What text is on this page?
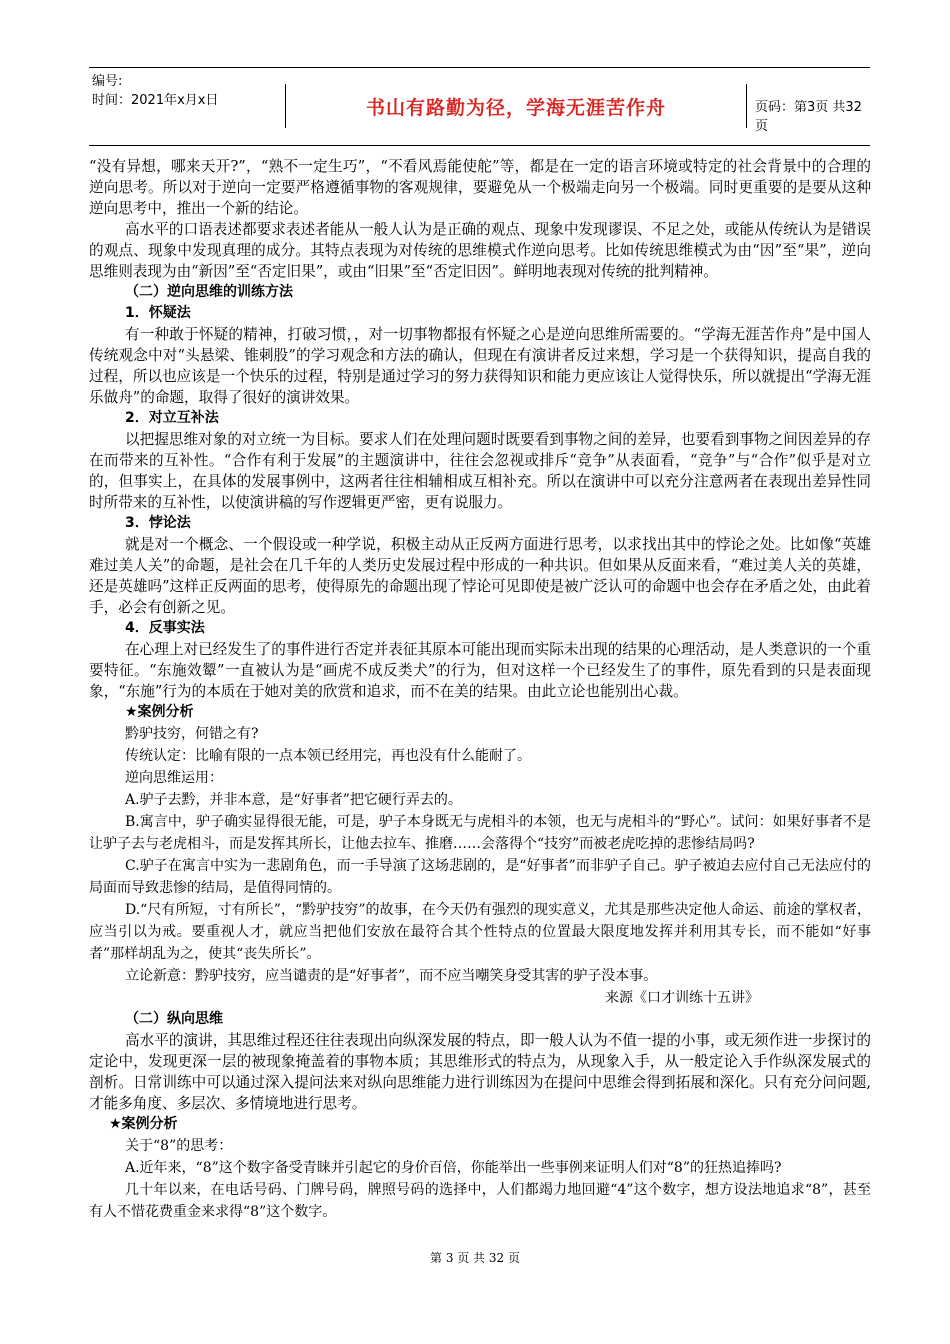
编号:
时间：2021年x月x日	书山有路勤为径，学海无涯苦作舟	页码：第3页 共32页

“没有异想，哪来天开?”，“熟不一定生巧”，“不看风焉能使舵”等，都是在一定的语言环境或特定的社会背景中的合理的逆向思考。所以对于逆向一定要严格遵循事物的客观规律，要避免从一个极端走向另一个极端。同时更重要的是要从这种逆向思考中，推出一个新的结论。

高水平的口语表述都要求表述者能从一般人认为是正确的观点、现象中发现谬误、不足之处，或能从传统认为是错误的观点、现象中发现真理的成分。其特点表现为对传统的思维模式作逆向思考。比如传统思维模式为由“因”至“果”，逆向思维则表现为由“新因”至“否定旧果”，或由“旧果”至“否定旧因”。鲜明地表现对传统的批判精神。

（二）逆向思维的训练方法

1．怀疑法

有一种敢于怀疑的精神，打破习惯，，对一切事物都报有怀疑之心是逆向思维所需要的。“学海无涯苦作舟”是中国人传统观念中对“头悬梁、锥刺股”的学习观念和方法的确认，但现在有演讲者反过来想，学习是一个获得知识，提高自我的过程，所以也应该是一个快乐的过程，特别是通过学习的努力获得知识和能力更应该让人觉得快乐，所以就提出“学海无涯乐做舟”的命题，取得了很好的演讲效果。

2．对立互补法

以把握思维对象的对立统一为目标。要求人们在处理问题时既要看到事物之间的差异，也要看到事物之间因差异的存在而带来的互补性。“合作有利于发展”的主题演讲中，往往会忽视或排斥“竞争”从表面看，“竞争”与“合作”似乎是对立的，但事实上，在具体的发展事例中，这两者往往相辅相成互相补充。所以在演讲中可以充分注意两者在表现出差异性同时所带来的互补性，以使演讲稿的写作逻辑更严密，更有说服力。

3．悖论法

就是对一个概念、一个假设或一种学说，积极主动从正反两方面进行思考，以求找出其中的悖论之处。比如像“英雄难过美人关”的命题，是社会在几千年的人类历史发展过程中形成的一种共识。但如果从反面来看，“难过美人关的英雄，还是英雄吗”这样正反两面的思考，使得原先的命题出现了悖论可见即使是被广泛认可的命题中也会存在矛盾之处，由此着手，必会有创新之见。

4．反事实法

在心理上对已经发生了的事件进行否定并表征其原本可能出现而实际未出现的结果的心理活动，是人类意识的一个重要特征。“东施效颦”一直被认为是“画虎不成反类犬”的行为，但对这样一个已经发生了的事件，原先看到的只是表面现象，“东施”行为的本质在于她对美的欣赏和追求，而不在美的结果。由此立论也能别出心裁。

★案例分析

黔驴技穷，何错之有?

传统认定：比喻有限的一点本领已经用完，再也没有什么能耐了。

逆向思维运用：

A.驴子去黔，并非本意，是“好事者”把它硬行弄去的。

B.寓言中，驴子确实显得很无能，可是，驴子本身既无与虎相斗的本领，也无与虎相斗的“野心”。试问：如果好事者不是让驴子去与老虎相斗，而是发挥其所长，让他去拉车、推磨……会落得个“技穷”而被老虎吃掉的悲惨结局吗?

C.驴子在寓言中实为一悲剧角色，而一手导演了这场悲剧的，是“好事者”而非驴子自己。驴子被迫去应付自己无法应付的局面而导致悲惨的结局，是值得同情的。

D.“尺有所短，寸有所长”，“黔驴技穷”的故事，在今天仍有强烈的现实意义，尤其是那些决定他人命运、前途的掌权者，应当引以为戒。要重视人才，就应当把他们安放在最符合其个性特点的位置最大限度地发挥并利用其专长，而不能如“好事者”那样胡乱为之，使其“丧失所长”。

立论新意：黔驴技穷，应当谴责的是“好事者”，而不应当嘲笑身受其害的驴子没本事。

来源《口才训练十五讲》

（二）纵向思维

高水平的演讲，其思维过程还往往表现出向纵深发展的特点，即一般人认为不值一提的小事，或无须作进一步探讨的定论中，发现更深一层的被现象掩盖着的事物本质；其思维形式的特点为，从现象入手，从一般定论入手作纵深发展式的剖析。日常训练中可以通过深入提问法来对纵向思维能力进行训练因为在提问中思维会得到拓展和深化。只有充分问问题,才能多角度、多层次、多情境地进行思考。

★案例分析

关于“8”的思考：

A.近年来，“8”这个数字备受青睐并引起它的身价百倍，你能举出一些事例来证明人们对“8”的狂热追捧吗?

几十年以来，在电话号码、门牌号码，牌照号码的选择中，人们都竭力地回避“4”这个数字，想方设法地追求“8”，甚至有人不惜花费重金来求得“8”这个数字。

第 3 页 共 32 页
